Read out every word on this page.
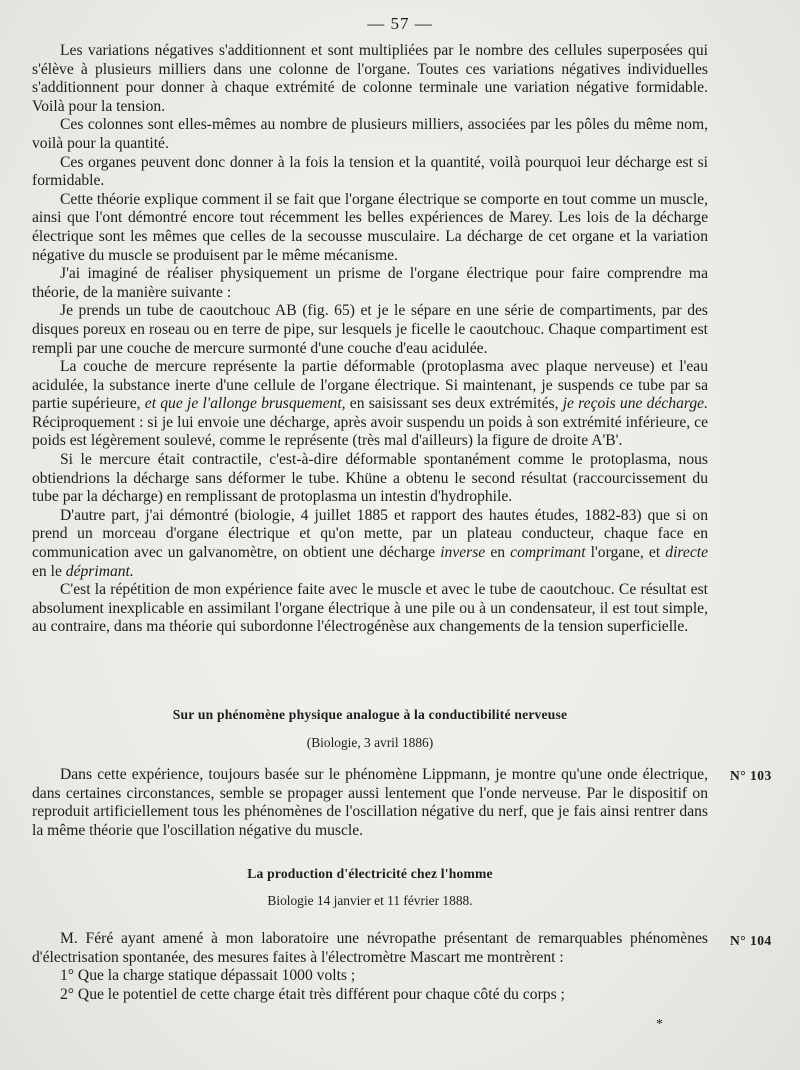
— 57 —

Les variations négatives s'additionnent et sont multipliées par le nombre des cellules superposées qui s'élève à plusieurs milliers dans une colonne de l'organe. Toutes ces variations négatives individuelles s'additionnent pour donner à chaque extrémité de colonne terminale une variation négative formidable. Voilà pour la tension.

Ces colonnes sont elles-mêmes au nombre de plusieurs milliers, associées par les pôles du même nom, voilà pour la quantité.

Ces organes peuvent donc donner à la fois la tension et la quantité, voilà pourquoi leur décharge est si formidable.

Cette théorie explique comment il se fait que l'organe électrique se comporte en tout comme un muscle, ainsi que l'ont démontré encore tout récemment les belles expériences de Marey. Les lois de la décharge électrique sont les mêmes que celles de la secousse musculaire. La décharge de cet organe et la variation négative du muscle se produisent par le même mécanisme.

J'ai imaginé de réaliser physiquement un prisme de l'organe électrique pour faire comprendre ma théorie, de la manière suivante :

Je prends un tube de caoutchouc AB (fig. 65) et je le sépare en une série de compartiments, par des disques poreux en roseau ou en terre de pipe, sur lesquels je ficelle le caoutchouc. Chaque compartiment est rempli par une couche de mercure surmonté d'une couche d'eau acidulée.

La couche de mercure représente la partie déformable (protoplasma avec plaque nerveuse) et l'eau acidulée, la substance inerte d'une cellule de l'organe électrique. Si maintenant, je suspends ce tube par sa partie supérieure, et que je l'allonge brusquement, en saisissant ses deux extrémités, je reçois une décharge. Réciproquement : si je lui envoie une décharge, après avoir suspendu un poids à son extrémité inférieure, ce poids est légèrement soulevé, comme le représente (très mal d'ailleurs) la figure de droite A'B'.

Si le mercure était contractile, c'est-à-dire déformable spontanément comme le protoplasma, nous obtiendrions la décharge sans déformer le tube. Khüne a obtenu le second résultat (raccourcissement du tube par la décharge) en remplissant de protoplasma un intestin d'hydrophile.

D'autre part, j'ai démontré (biologie, 4 juillet 1885 et rapport des hautes études, 1882-83) que si on prend un morceau d'organe électrique et qu'on mette, par un plateau conducteur, chaque face en communication avec un galvanomètre, on obtient une décharge inverse en comprimant l'organe, et directe en le déprimant.

C'est la répétition de mon expérience faite avec le muscle et avec le tube de caoutchouc. Ce résultat est absolument inexplicable en assimilant l'organe électrique à une pile ou à un condensateur, il est tout simple, au contraire, dans ma théorie qui subordonne l'électrogénèse aux changements de la tension superficielle.

Sur un phénomène physique analogue à la conductibilité nerveuse
(Biologie, 3 avril 1886)

Dans cette expérience, toujours basée sur le phénomène Lippmann, je montre qu'une onde électrique, dans certaines circonstances, semble se propager aussi lentement que l'onde nerveuse. Par le dispositif on reproduit artificiellement tous les phénomènes de l'oscillation négative du nerf, que je fais ainsi rentrer dans la même théorie que l'oscillation négative du muscle.

N° 103
La production d'électricité chez l'homme
Biologie 14 janvier et 11 février 1888.

M. Féré ayant amené à mon laboratoire une névropathe présentant de remarquables phénomènes d'électrisation spontanée, des mesures faites à l'électromètre Mascart me montrèrent :

1° Que la charge statique dépassait 1000 volts ;

2° Que le potentiel de cette charge était très différent pour chaque côté du corps ;

N° 104
*
